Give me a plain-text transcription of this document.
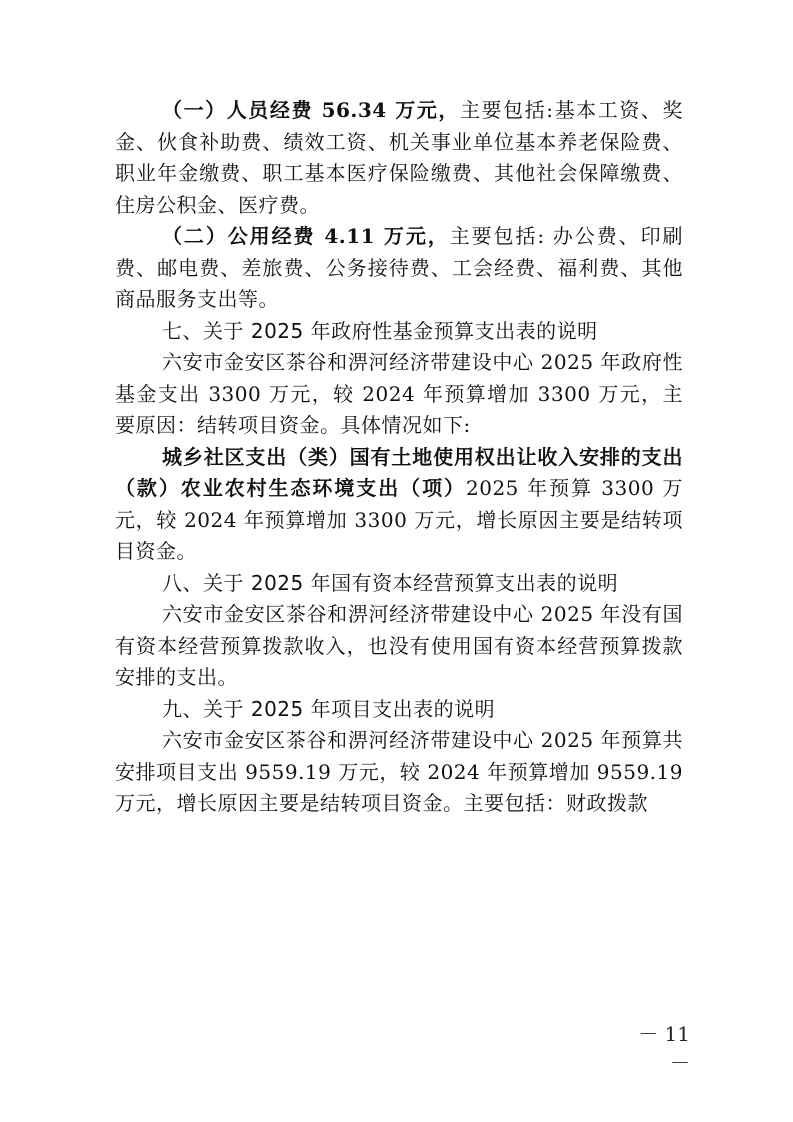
（一）人员经费 56.34 万元，主要包括:基本工资、奖金、伙食补助费、绩效工资、机关事业单位基本养老保险费、职业年金缴费、职工基本医疗保险缴费、其他社会保障缴费、住房公积金、医疗费。

（二）公用经费 4.11 万元，主要包括: 办公费、印刷费、邮电费、差旅费、公务接待费、工会经费、福利费、其他商品服务支出等。

七、关于 2025 年政府性基金预算支出表的说明

六安市金安区茶谷和淠河经济带建设中心 2025 年政府性基金支出 3300 万元，较 2024 年预算增加 3300 万元，主要原因：结转项目资金。具体情况如下:

城乡社区支出（类）国有土地使用权出让收入安排的支出（款）农业农村生态环境支出（项）2025 年预算 3300 万元，较 2024 年预算增加 3300 万元，增长原因主要是结转项目资金。

八、关于 2025 年国有资本经营预算支出表的说明

六安市金安区茶谷和淠河经济带建设中心 2025 年没有国有资本经营预算拨款收入，也没有使用国有资本经营预算拨款安排的支出。

九、关于 2025 年项目支出表的说明

六安市金安区茶谷和淠河经济带建设中心 2025 年预算共安排项目支出 9559.19 万元，较 2024 年预算增加 9559.19 万元，增长原因主要是结转项目资金。主要包括：财政拨款

－ 11 －
